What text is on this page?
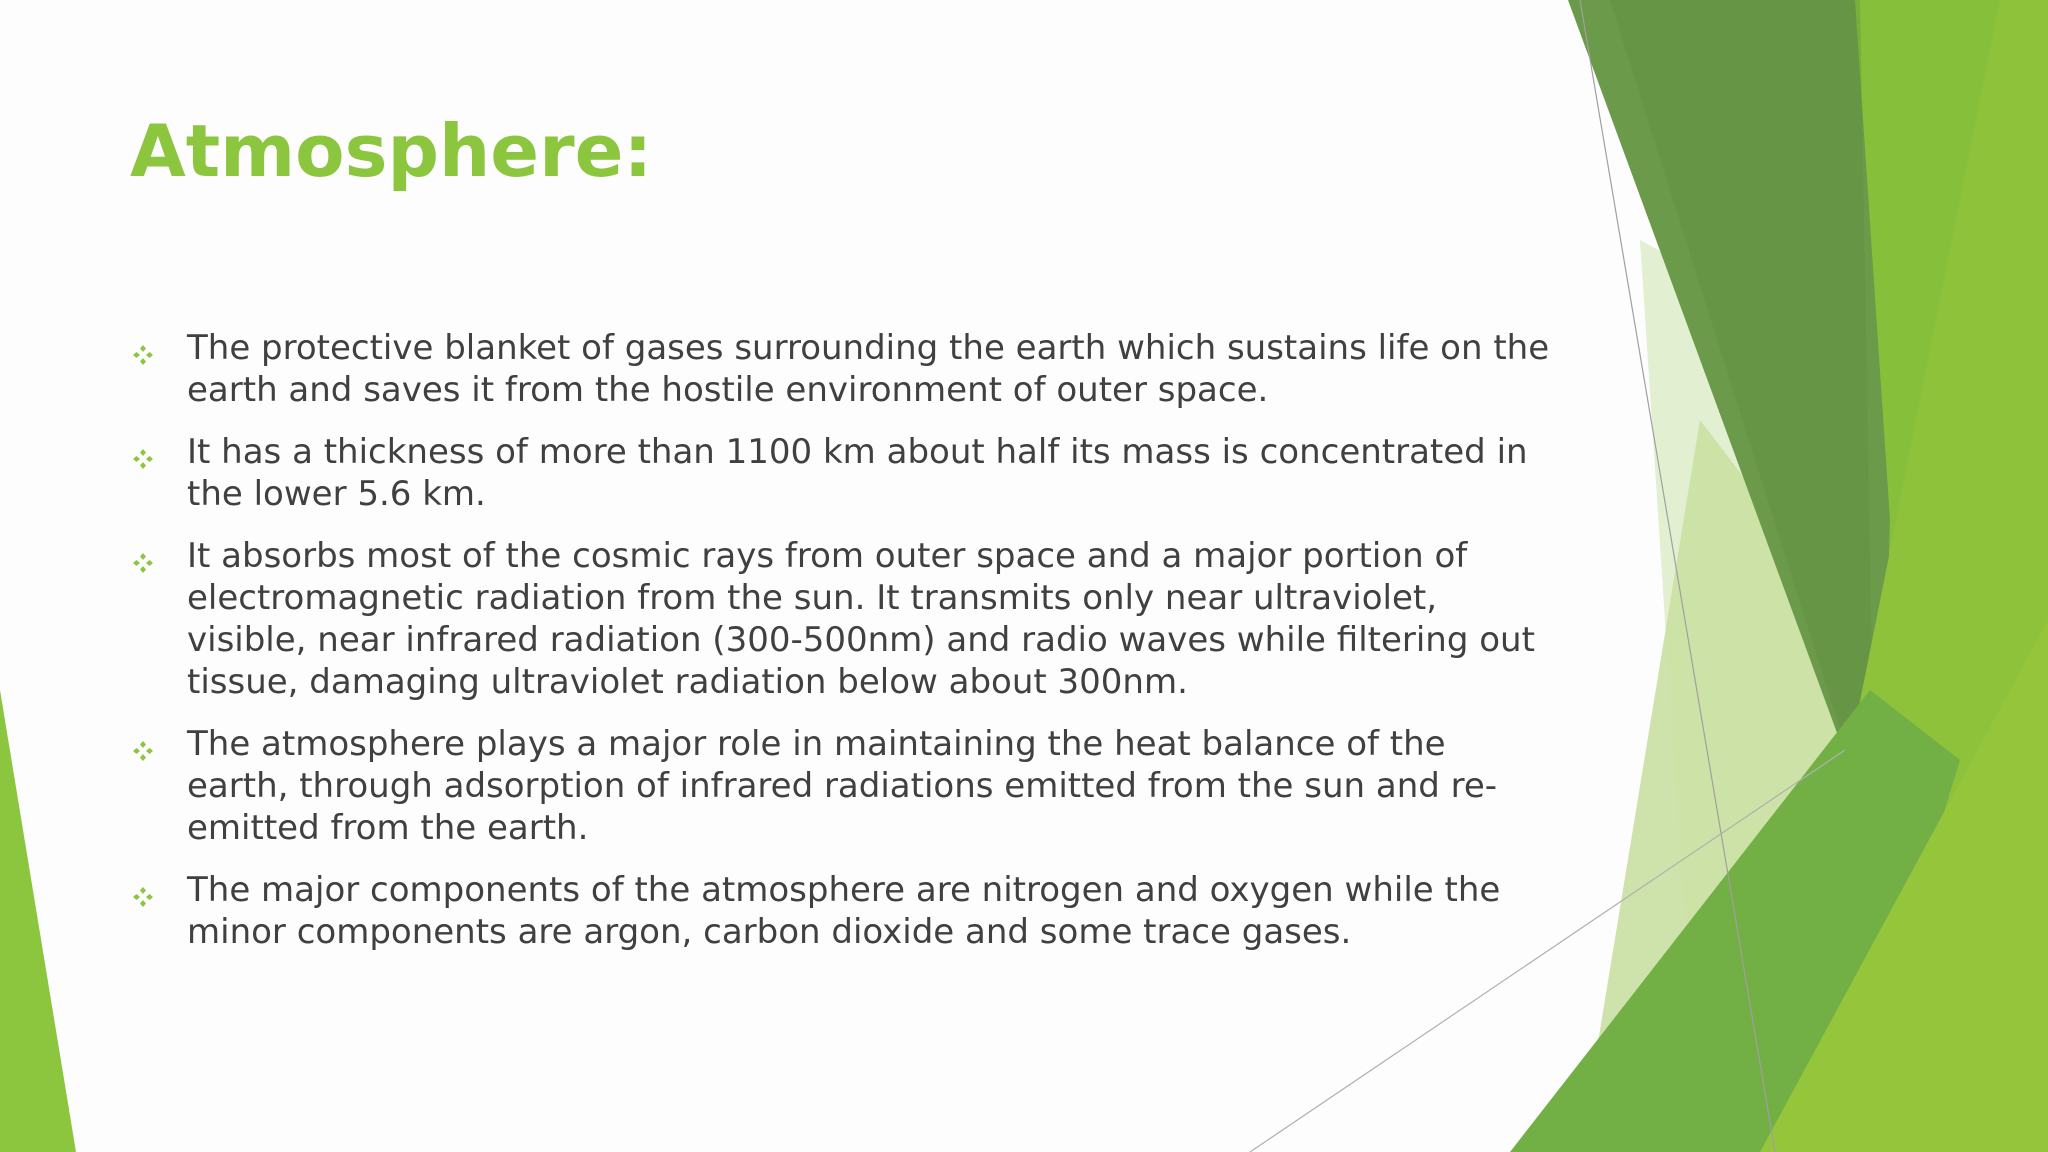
Atmosphere:
The protective blanket of gases surrounding the earth which sustains life on the earth and saves it from the hostile environment of outer space.
It has a thickness of more than 1100 km about half its mass is concentrated in the lower 5.6 km.
It absorbs most of the cosmic rays from outer space and a major portion of electromagnetic radiation from the sun. It transmits only near ultraviolet, visible, near infrared radiation (300-500nm) and radio waves while filtering out tissue, damaging ultraviolet radiation below about 300nm.
The atmosphere plays a major role in maintaining the heat balance of the earth, through adsorption of infrared radiations emitted from the sun and re-emitted from the earth.
The major components of the atmosphere are nitrogen and oxygen while the minor components are argon, carbon dioxide and some trace gases.
